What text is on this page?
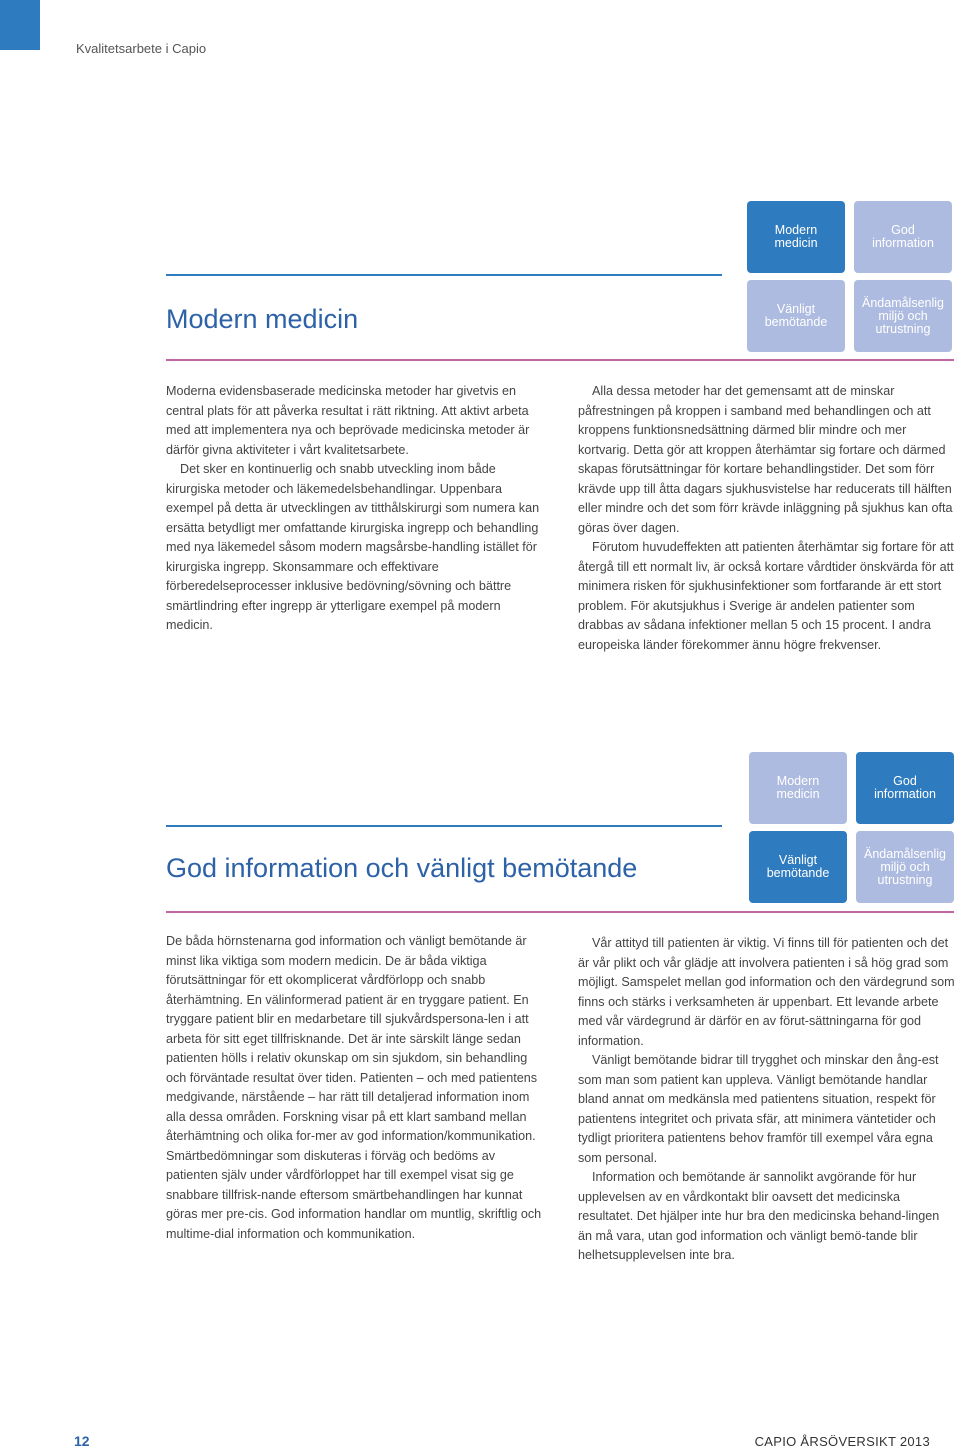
Kvalitetsarbete i Capio
Modern medicin
Modern medicin
God information
Vänligt bemötande
Ändamålsenlig miljö och utrustning

Moderna evidensbaserade medicinska metoder har givetvis en central plats för att påverka resultat i rätt riktning. Att aktivt arbeta med att implementera nya och beprövade medicinska metoder är därför givna aktiviteter i vårt kvalitetsarbete.

Det sker en kontinuerlig och snabb utveckling inom både kirurgiska metoder och läkemedelsbehandlingar. Uppenbara exempel på detta är utvecklingen av titthålskirurgi som numera kan ersätta betydligt mer omfattande kirurgiska ingrepp och behandling med nya läkemedel såsom modern magsårsbe-handling istället för kirurgiska ingrepp. Skonsammare och effektivare förberedelseprocesser inklusive bedövning/sövning och bättre smärtlindring efter ingrepp är ytterligare exempel på modern medicin.

Alla dessa metoder har det gemensamt att de minskar påfrestningen på kroppen i samband med behandlingen och att kroppens funktionsnedsättning därmed blir mindre och mer kortvarig. Detta gör att kroppen återhämtar sig fortare och därmed skapas förutsättningar för kortare behandlingstider. Det som förr krävde upp till åtta dagars sjukhusvistelse har reducerats till hälften eller mindre och det som förr krävde inläggning på sjukhus kan ofta göras över dagen.

Förutom huvudeffekten att patienten återhämtar sig fortare för att återgå till ett normalt liv, är också kortare vårdtider önskvärda för att minimera risken för sjukhusinfektioner som fortfarande är ett stort problem. För akutsjukhus i Sverige är andelen patienter som drabbas av sådana infektioner mellan 5 och 15 procent. I andra europeiska länder förekommer ännu högre frekvenser.

God information och vänligt bemötande
Modern medicin
God information
Vänligt bemötande
Ändamålsenlig miljö och utrustning

De båda hörnstenarna god information och vänligt bemötande är minst lika viktiga som modern medicin. De är båda viktiga förutsättningar för ett okomplicerat vårdförlopp och snabb återhämtning. En välinformerad patient är en tryggare patient. En tryggare patient blir en medarbetare till sjukvårdspersona-len i att arbeta för sitt eget tillfrisknande. Det är inte särskilt länge sedan patienten hölls i relativ okunskap om sin sjukdom, sin behandling och förväntade resultat över tiden. Patienten – och med patientens medgivande, närstående – har rätt till detaljerad information inom alla dessa områden. Forskning visar på ett klart samband mellan återhämtning och olika for-mer av god information/kommunikation. Smärtbedömningar som diskuteras i förväg och bedöms av patienten själv under vårdförloppet har till exempel visat sig ge snabbare tillfrisk-nande eftersom smärtbehandlingen har kunnat göras mer pre-cis. God information handlar om muntlig, skriftlig och multime-dial information och kommunikation.

Vår attityd till patienten är viktig. Vi finns till för patienten och det är vår plikt och vår glädje att involvera patienten i så hög grad som möjligt. Samspelet mellan god information och den värdegrund som finns och stärks i verksamheten är uppenbart. Ett levande arbete med vår värdegrund är därför en av förut-sättningarna för god information.

Vänligt bemötande bidrar till trygghet och minskar den ång-est som man som patient kan uppleva. Vänligt bemötande handlar bland annat om medkänsla med patientens situation, respekt för patientens integritet och privata sfär, att minimera väntetider och tydligt prioritera patientens behov framför till exempel våra egna som personal.

Information och bemötande är sannolikt avgörande för hur upplevelsen av en vårdkontakt blir oavsett det medicinska resultatet. Det hjälper inte hur bra den medicinska behand-lingen än må vara, utan god information och vänligt bemö-tande blir helhetsupplevelsen inte bra.

12	CAPIO ÅRSÖVERSIKT 2013
